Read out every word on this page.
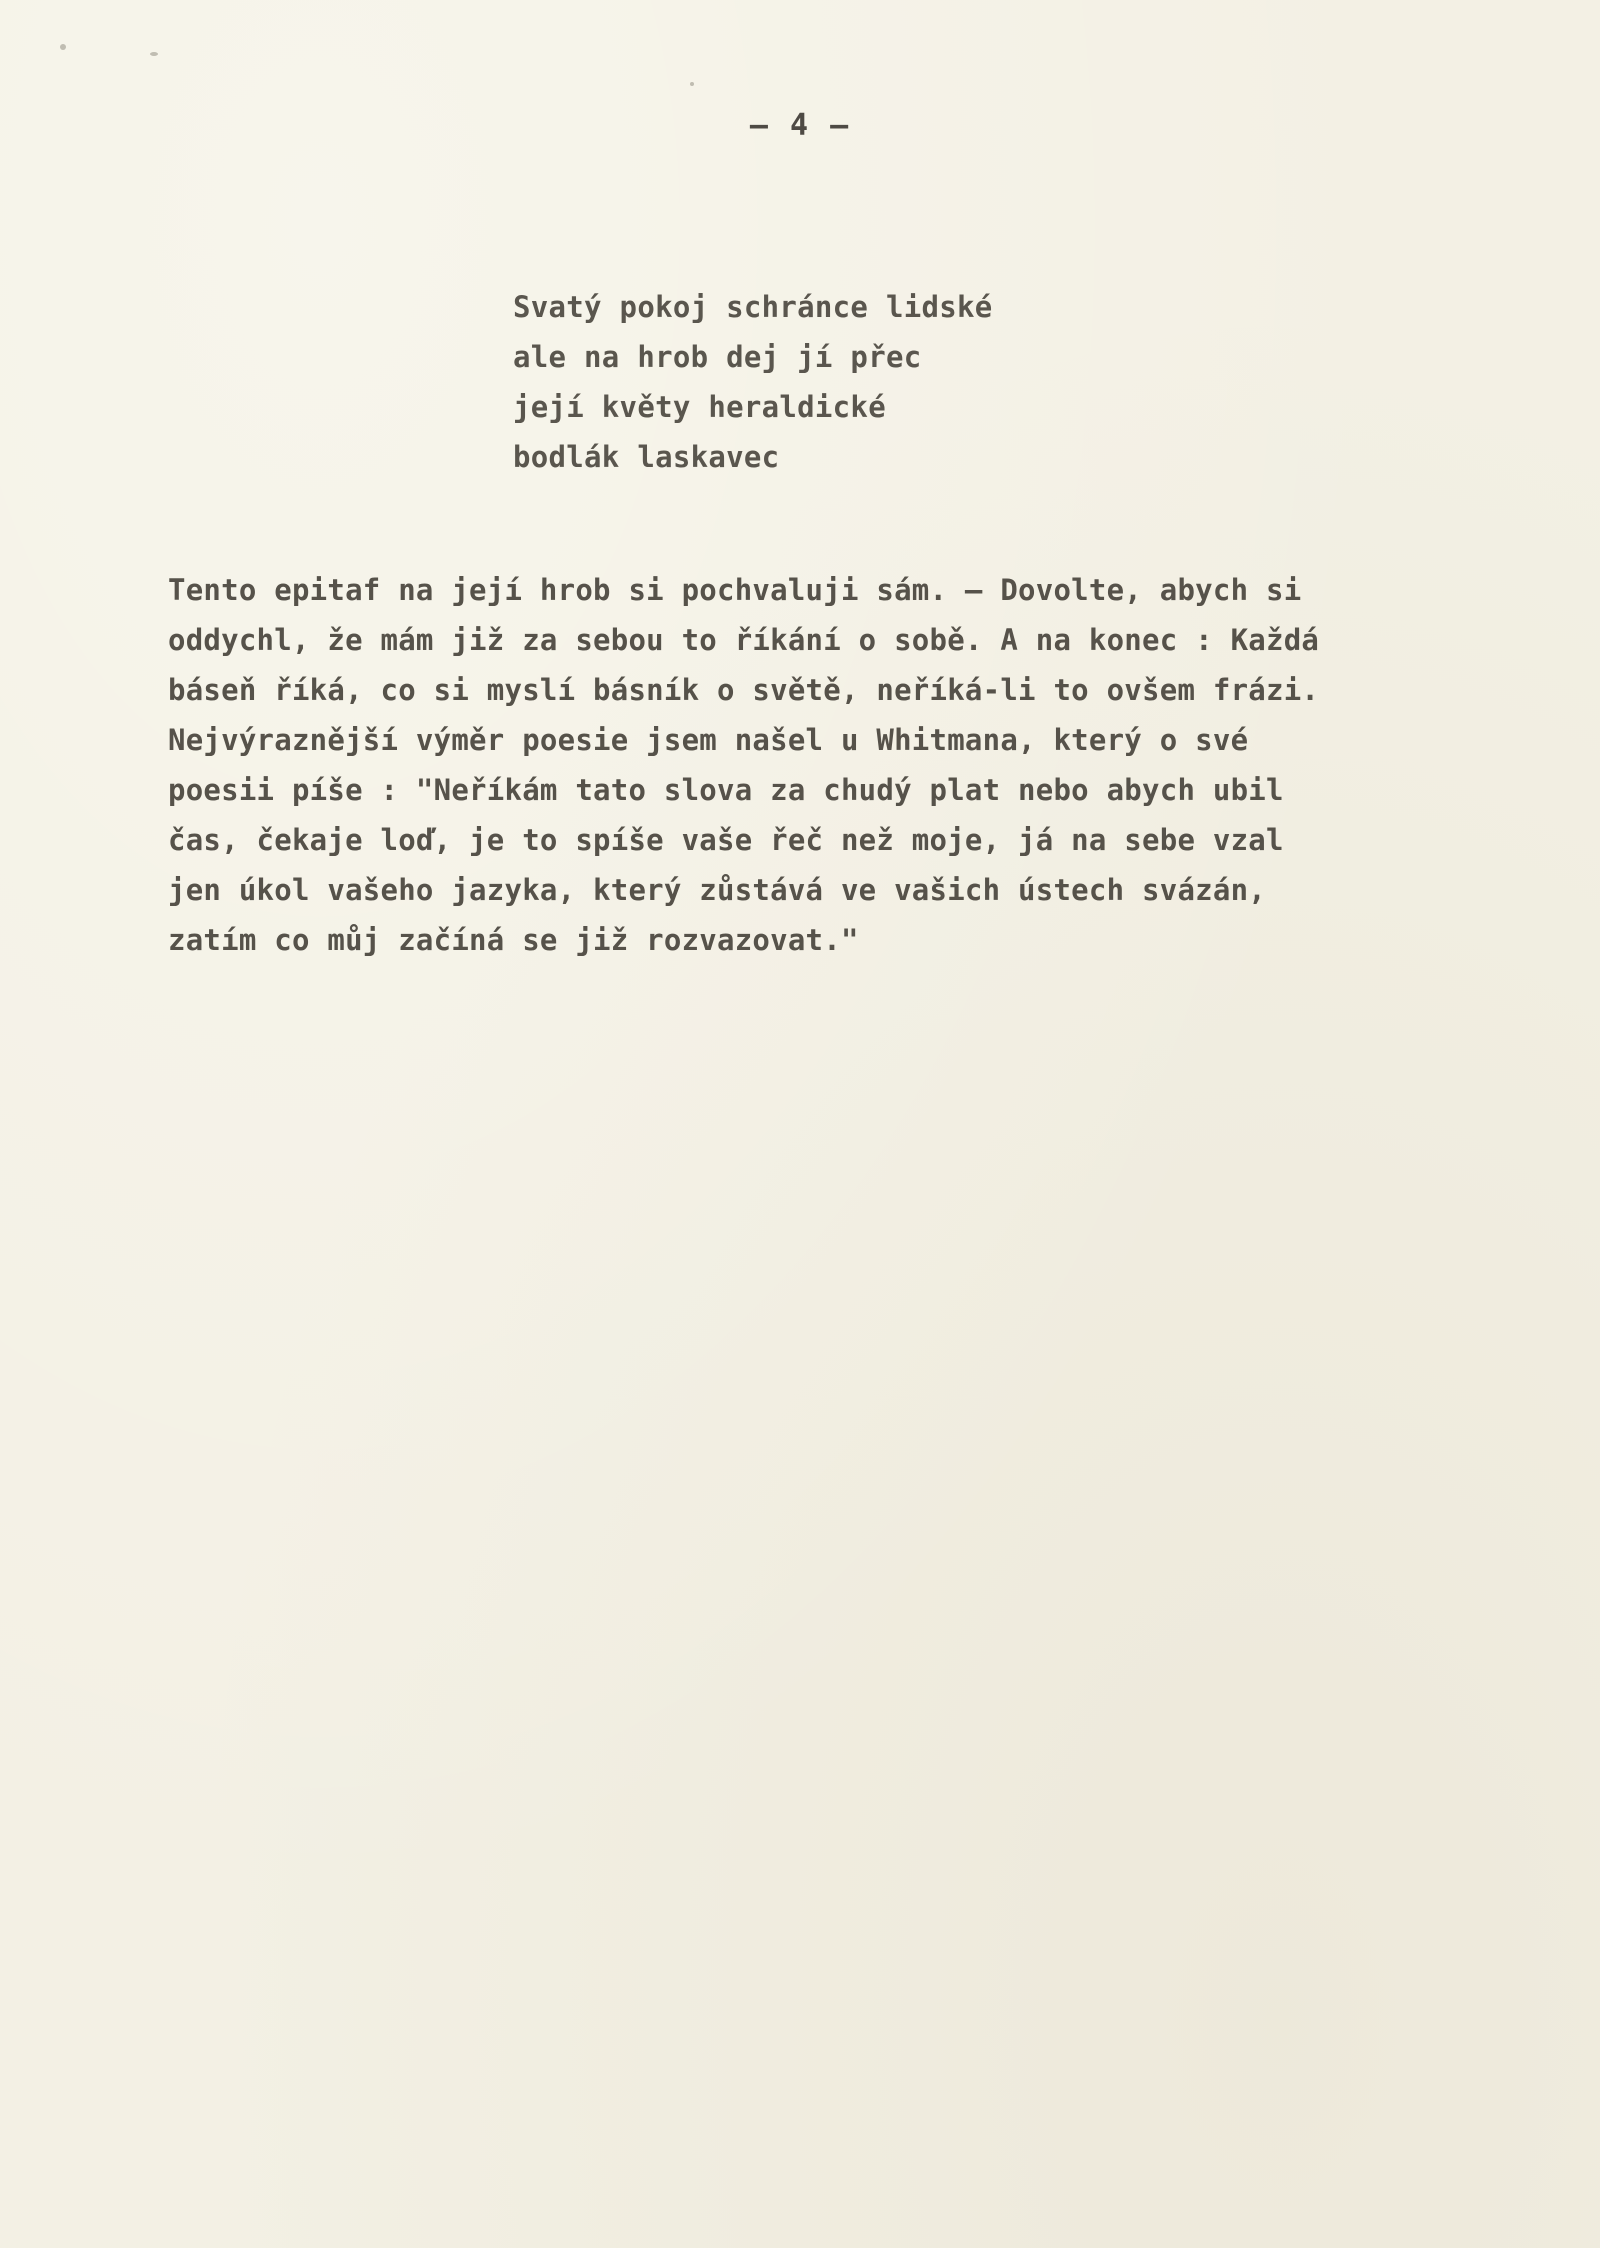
– 4 –
Svatý pokoj schránce lidské
ale na hrob dej jí přec
její květy heraldické
bodlák laskavec
Tento epitaf na její hrob si pochvaluji sám. – Dovolte, abych si
oddychl, že mám již za sebou to říkání o sobě. A na konec : Každá
báseň říká, co si myslí básník o světě, neříká-li to ovšem frázi.
Nejvýraznější výměr poesie jsem našel u Whitmana, který o své
poesii píše : "Neříkám tato slova za chudý plat nebo abych ubil
čas, čekaje loď, je to spíše vaše řeč než moje, já na sebe vzal
jen úkol vašeho jazyka, který zůstává ve vašich ústech svázán,
zatím co můj začíná se již rozvazovat."
